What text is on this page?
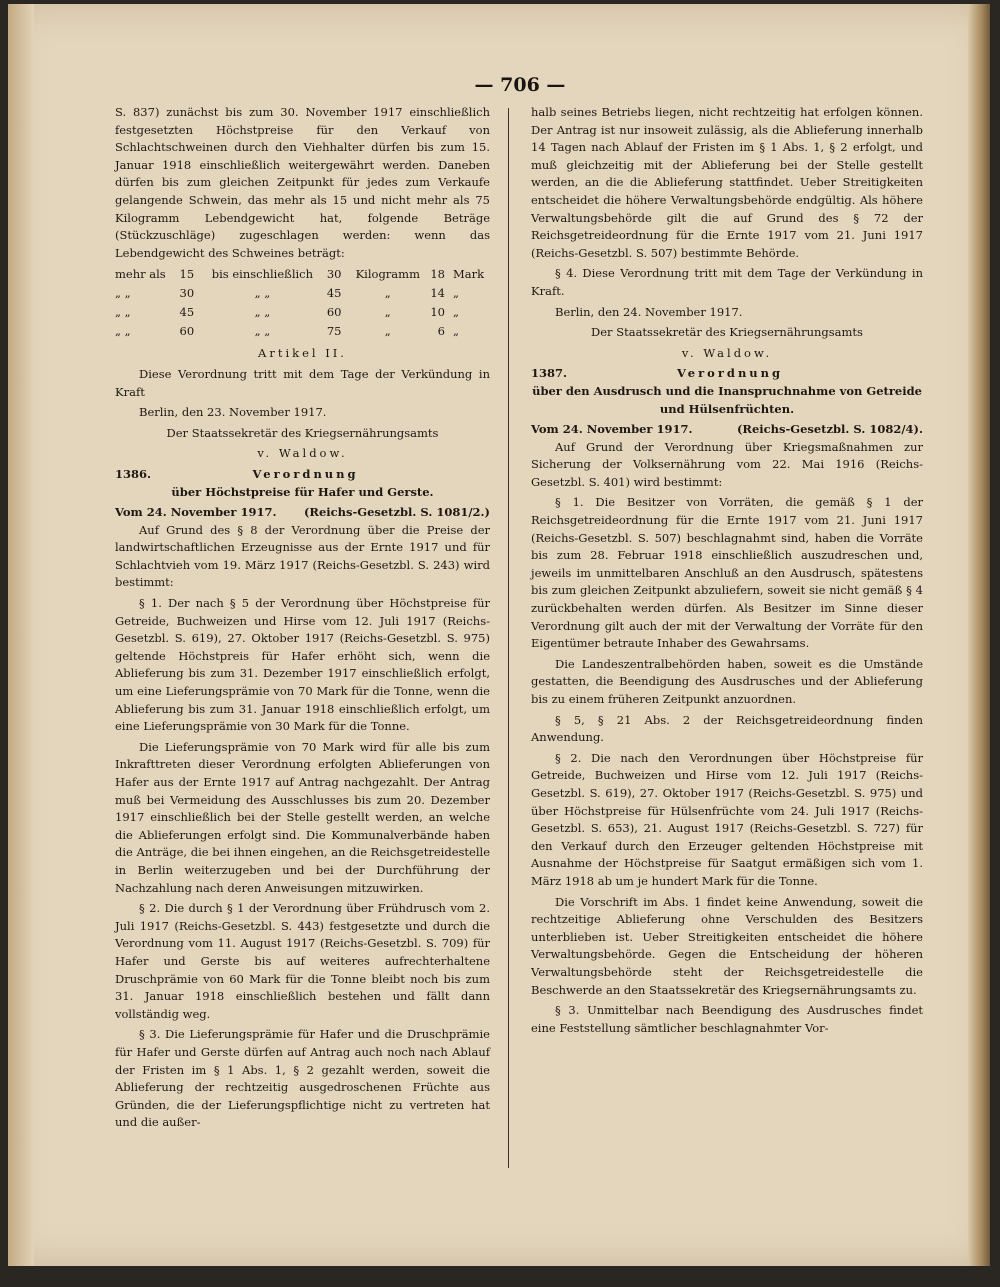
— 706 —

S. 837) zunächst bis zum 30. November 1917 einschließlich festgesetzten Höchstpreise für den Verkauf von Schlachtschweinen durch den Viehhalter dürfen bis zum 15. Januar 1918 einschließlich weitergewährt werden. Daneben dürfen bis zum gleichen Zeitpunkt für jedes zum Verkaufe gelangende Schwein, das mehr als 15 und nicht mehr als 75 Kilogramm Lebendgewicht hat, folgende Beträge (Stückzuschläge) zugeschlagen werden: wenn das Lebendgewicht des Schweines beträgt:

mehr als	15	bis einschließlich	30	Kilogramm	18	Mark
„ „	30	„ „	45	„	14	„
„ „	45	„ „	60	„	10	„
„ „	60	„ „	75	„	6	„

Artikel II.

Diese Verordnung tritt mit dem Tage der Verkündung in Kraft

Berlin, den 23. November 1917.

Der Staatssekretär des Kriegsernährungsamts

v. Waldow.

1386.	Verordnung

über Höchstpreise für Hafer und Gerste.

Vom 24. November 1917. (Reichs-Gesetzbl. S. 1081/2.)

Auf Grund des § 8 der Verordnung über die Preise der landwirtschaftlichen Erzeugnisse aus der Ernte 1917 und für Schlachtvieh vom 19. März 1917 (Reichs-Gesetzbl. S. 243) wird bestimmt:

§ 1. Der nach § 5 der Verordnung über Höchstpreise für Getreide, Buchweizen und Hirse vom 12. Juli 1917 (Reichs-Gesetzbl. S. 619), 27. Oktober 1917 (Reichs-Gesetzbl. S. 975) geltende Höchstpreis für Hafer erhöht sich, wenn die Ablieferung bis zum 31. Dezember 1917 einschließlich erfolgt, um eine Lieferungsprämie von 70 Mark für die Tonne, wenn die Ablieferung bis zum 31. Januar 1918 einschließlich erfolgt, um eine Lieferungsprämie von 30 Mark für die Tonne.

Die Lieferungsprämie von 70 Mark wird für alle bis zum Inkrafttreten dieser Verordnung erfolgten Ablieferungen von Hafer aus der Ernte 1917 auf Antrag nachgezahlt. Der Antrag muß bei Vermeidung des Ausschlusses bis zum 20. Dezember 1917 einschließlich bei der Stelle gestellt werden, an welche die Ablieferungen erfolgt sind. Die Kommunalverbände haben die Anträge, die bei ihnen eingehen, an die Reichsgetreidestelle in Berlin weiterzugeben und bei der Durchführung der Nachzahlung nach deren Anweisungen mitzuwirken.

§ 2. Die durch § 1 der Verordnung über Frühdrusch vom 2. Juli 1917 (Reichs-Gesetzbl. S. 443) festgesetzte und durch die Verordnung vom 11. August 1917 (Reichs-Gesetzbl. S. 709) für Hafer und Gerste bis auf weiteres aufrechterhaltene Druschprämie von 60 Mark für die Tonne bleibt noch bis zum 31. Januar 1918 einschließlich bestehen und fällt dann vollständig weg.

§ 3. Die Lieferungsprämie für Hafer und die Druschprämie für Hafer und Gerste dürfen auf Antrag auch noch nach Ablauf der Fristen im § 1 Abs. 1, § 2 gezahlt werden, soweit die Ablieferung der rechtzeitig ausgedroschenen Früchte aus Gründen, die der Lieferungspflichtige nicht zu vertreten hat und die außer-

halb seines Betriebs liegen, nicht rechtzeitig hat erfolgen können. Der Antrag ist nur insoweit zulässig, als die Ablieferung innerhalb 14 Tagen nach Ablauf der Fristen im § 1 Abs. 1, § 2 erfolgt, und muß gleichzeitig mit der Ablieferung bei der Stelle gestellt werden, an die die Ablieferung stattfindet. Ueber Streitigkeiten entscheidet die höhere Verwaltungsbehörde endgültig. Als höhere Verwaltungsbehörde gilt die auf Grund des § 72 der Reichsgetreideordnung für die Ernte 1917 vom 21. Juni 1917 (Reichs-Gesetzbl. S. 507) bestimmte Behörde.

§ 4. Diese Verordnung tritt mit dem Tage der Verkündung in Kraft.

Berlin, den 24. November 1917.

Der Staatssekretär des Kriegsernährungsamts

v. Waldow.

1387.	Verordnung

über den Ausdrusch und die Inanspruchnahme von Getreide und Hülsenfrüchten.

Vom 24. November 1917.	(Reichs-Gesetzbl. S. 1082/4).

Auf Grund der Verordnung über Kriegsmaßnahmen zur Sicherung der Volksernährung vom 22. Mai 1916 (Reichs-Gesetzbl. S. 401) wird bestimmt:

§ 1. Die Besitzer von Vorräten, die gemäß § 1 der Reichsgetreideordnung für die Ernte 1917 vom 21. Juni 1917 (Reichs-Gesetzbl. S. 507) beschlagnahmt sind, haben die Vorräte bis zum 28. Februar 1918 einschließlich auszudreschen und, jeweils im unmittelbaren Anschluß an den Ausdrusch, spätestens bis zum gleichen Zeitpunkt abzuliefern, soweit sie nicht gemäß § 4 zurückbehalten werden dürfen. Als Besitzer im Sinne dieser Verordnung gilt auch der mit der Verwaltung der Vorräte für den Eigentümer betraute Inhaber des Gewahrsams.

Die Landeszentralbehörden haben, soweit es die Umstände gestatten, die Beendigung des Ausdrusches und der Ablieferung bis zu einem früheren Zeitpunkt anzuordnen.

§ 5, § 21 Abs. 2 der Reichsgetreideordnung finden Anwendung.

§ 2. Die nach den Verordnungen über Höchstpreise für Getreide, Buchweizen und Hirse vom 12. Juli 1917 (Reichs-Gesetzbl. S. 619), 27. Oktober 1917 (Reichs-Gesetzbl. S. 975) und über Höchstpreise für Hülsenfrüchte vom 24. Juli 1917 (Reichs-Gesetzbl. S. 653), 21. August 1917 (Reichs-Gesetzbl. S. 727) für den Verkauf durch den Erzeuger geltenden Höchstpreise mit Ausnahme der Höchstpreise für Saatgut ermäßigen sich vom 1. März 1918 ab um je hundert Mark für die Tonne.

Die Vorschrift im Abs. 1 findet keine Anwendung, soweit die rechtzeitige Ablieferung ohne Verschulden des Besitzers unterblieben ist. Ueber Streitigkeiten entscheidet die höhere Verwaltungsbehörde. Gegen die Entscheidung der höheren Verwaltungsbehörde steht der Reichsgetreidestelle die Beschwerde an den Staatssekretär des Kriegsernährungsamts zu.

§ 3. Unmittelbar nach Beendigung des Ausdrusches findet eine Feststellung sämtlicher beschlagnahmter Vor-
